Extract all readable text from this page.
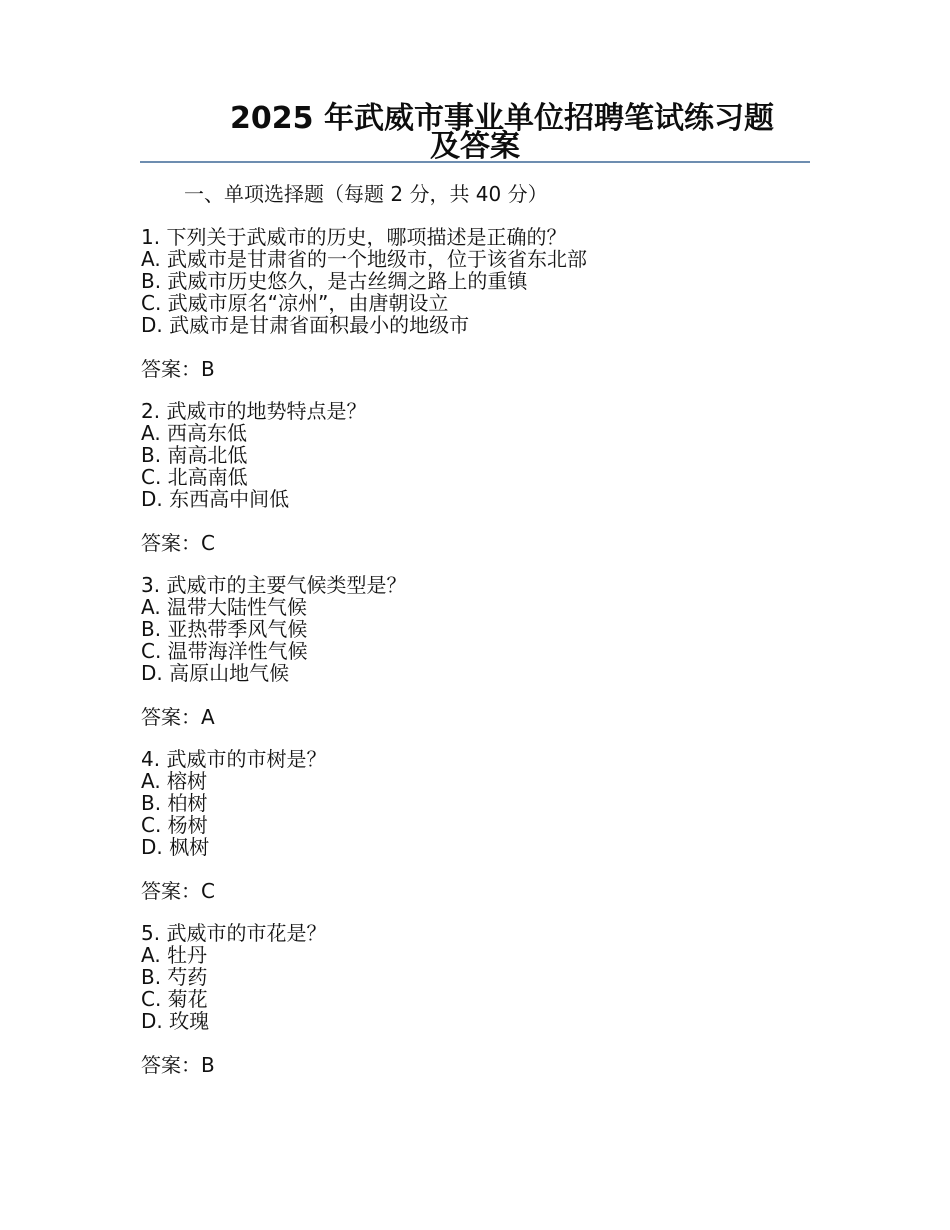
2025 年武威市事业单位招聘笔试练习题
及答案
一、单项选择题（每题 2 分，共 40 分）
1. 下列关于武威市的历史，哪项描述是正确的？
A. 武威市是甘肃省的一个地级市，位于该省东北部
B. 武威市历史悠久，是古丝绸之路上的重镇
C. 武威市原名“凉州”，由唐朝设立
D. 武威市是甘肃省面积最小的地级市
答案：B
2. 武威市的地势特点是？
A. 西高东低
B. 南高北低
C. 北高南低
D. 东西高中间低
答案：C
3. 武威市的主要气候类型是？
A. 温带大陆性气候
B. 亚热带季风气候
C. 温带海洋性气候
D. 高原山地气候
答案：A
4. 武威市的市树是？
A. 榕树
B. 柏树
C. 杨树
D. 枫树
答案：C
5. 武威市的市花是？
A. 牡丹
B. 芍药
C. 菊花
D. 玫瑰
答案：B
